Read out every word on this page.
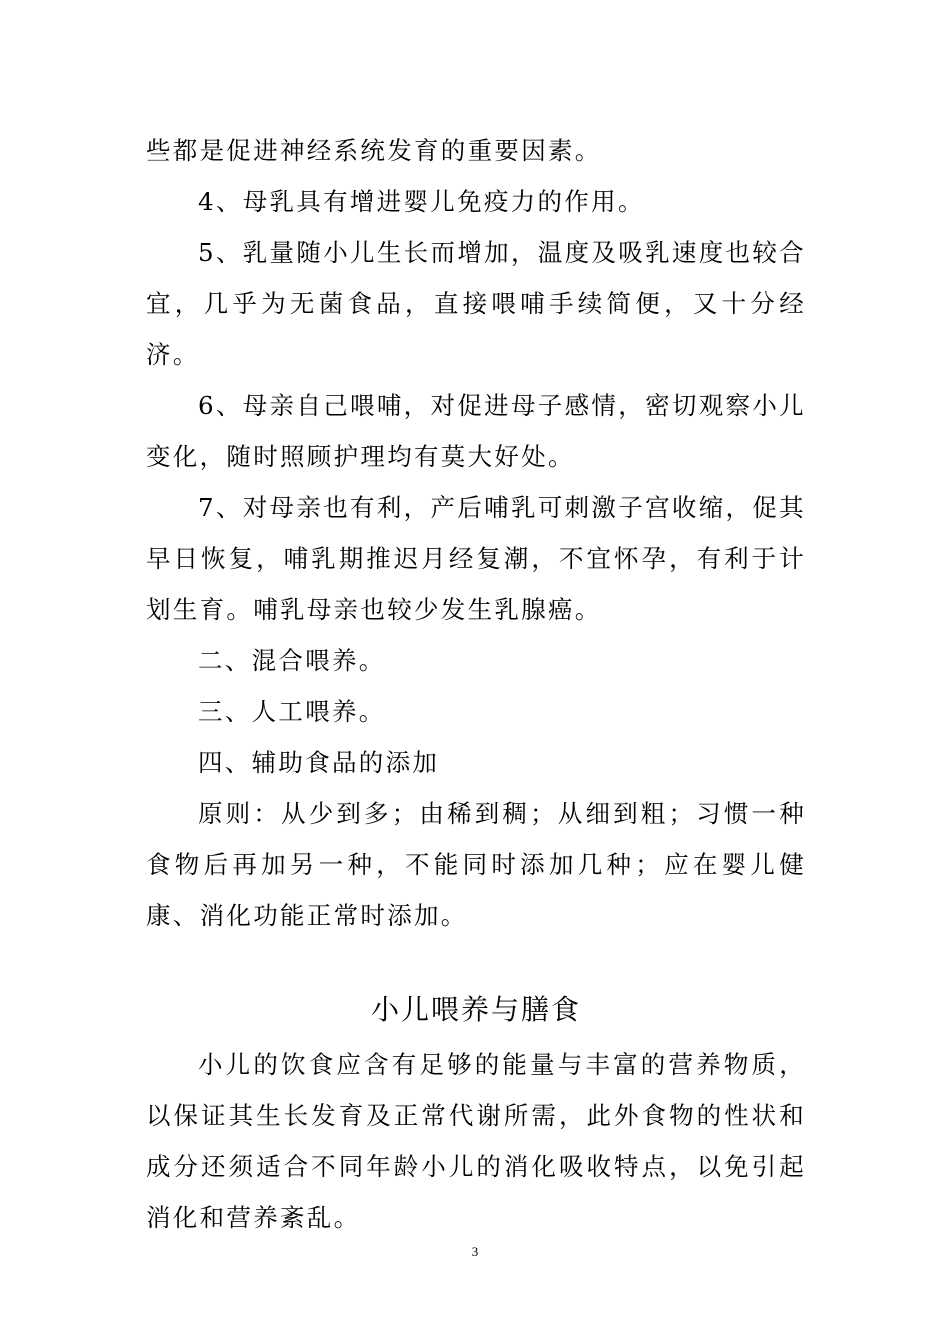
些都是促进神经系统发育的重要因素。

4、母乳具有增进婴儿免疫力的作用。

5、乳量随小儿生长而增加，温度及吸乳速度也较合宜，几乎为无菌食品，直接喂哺手续简便，又十分经济。

6、母亲自己喂哺，对促进母子感情，密切观察小儿变化，随时照顾护理均有莫大好处。

7、对母亲也有利，产后哺乳可刺激子宫收缩，促其早日恢复，哺乳期推迟月经复潮，不宜怀孕，有利于计划生育。哺乳母亲也较少发生乳腺癌。

二、混合喂养。

三、人工喂养。

四、辅助食品的添加

原则：从少到多；由稀到稠；从细到粗；习惯一种食物后再加另一种，不能同时添加几种；应在婴儿健康、消化功能正常时添加。

小儿喂养与膳食

小儿的饮食应含有足够的能量与丰富的营养物质，以保证其生长发育及正常代谢所需，此外食物的性状和成分还须适合不同年龄小儿的消化吸收特点，以免引起消化和营养紊乱。

3
